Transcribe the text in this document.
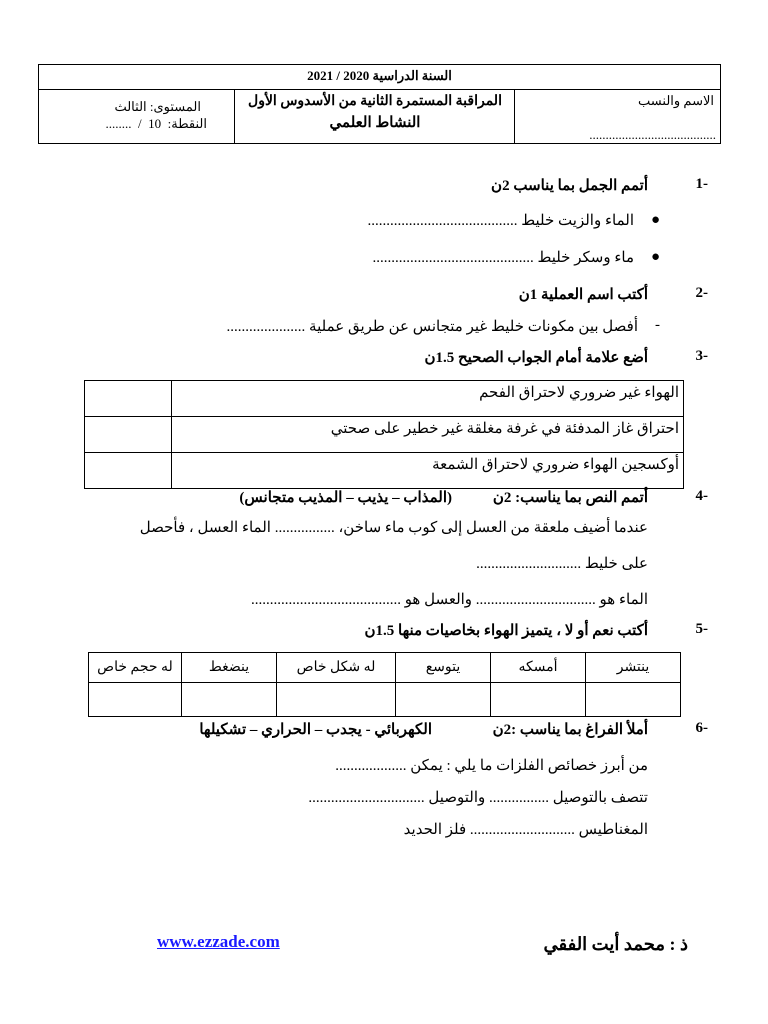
السنة الدراسية 2020 / 2021
الاسم والنسب
.......................................
المراقبة المستمرة الثانية من الأسدوس الأول
النشاط العلمي
المستوى: الثالث
النقطة:  10  /  ........
-1
أتمم الجمل بما يناسب 2ن
●
الماء والزيت خليط ........................................
●
ماء وسكر خليط ...........................................
-2
أكتب اسم العملية 1ن
-
أفصل بين مكونات خليط غير متجانس عن طريق عملية .....................
-3
أضع علامة أمام الجواب الصحيح 1.5ن
	الهواء غير ضروري لاحتراق الفحم
	احتراق غاز المدفئة في غرفة مغلقة غير خطير على صحتي
	أوكسجين الهواء ضروري لاحتراق الشمعة
-4
أتمم النص بما يناسب: 2ن
(المذاب – يذيب – المذيب متجانس)
عندما أضيف ملعقة من العسل إلى كوب ماء ساخن، ................ الماء العسل ، فأحصل
على خليط ............................
الماء هو ................................ والعسل هو ........................................
-5
أكتب نعم أو لا ، يتميز الهواء بخاصيات منها 1.5ن
ينتشر	أمسكه	يتوسع	له شكل خاص	ينضغط	له حجم خاص

-6
أملأ الفراغ بما يناسب :2ن
الكهربائي - يجدب – الحراري – تشكيلها
من أبرز خصائص الفلزات ما يلي : يمكن ...................
تتصف بالتوصيل ................ والتوصيل ...............................
المغناطيس ............................ فلز الحديد
ذ : محمد أيت الفقي
www.ezzade.com
